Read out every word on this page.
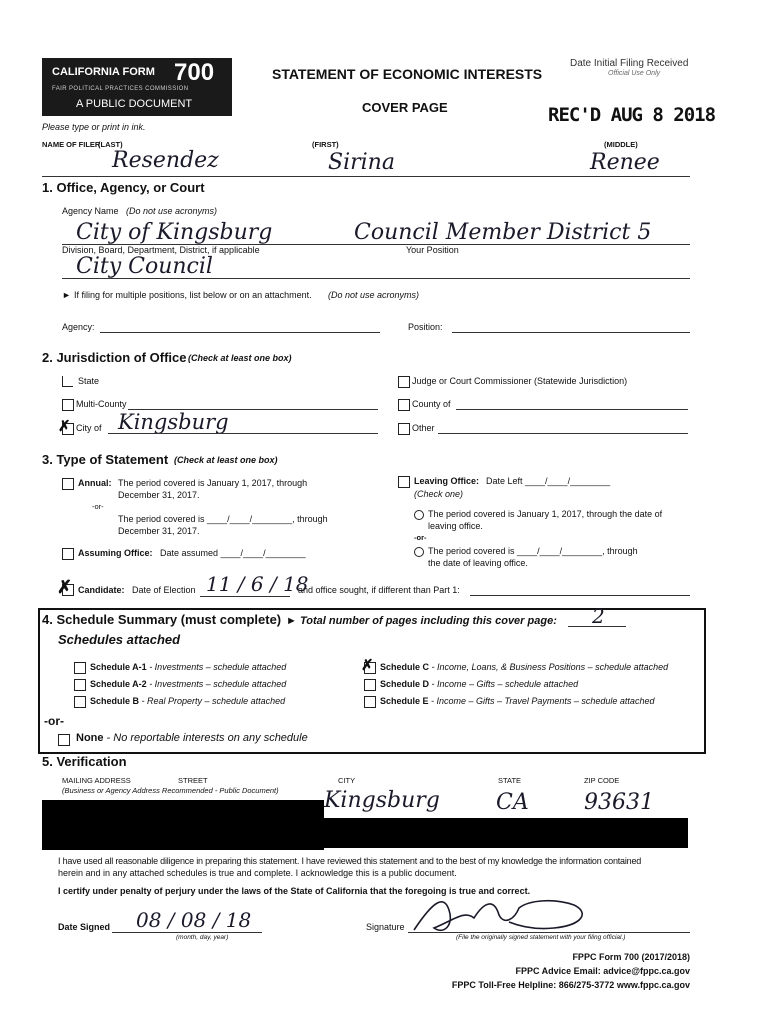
CALIFORNIA FORM 700
FAIR POLITICAL PRACTICES COMMISSION
A PUBLIC DOCUMENT
STATEMENT OF ECONOMIC INTERESTS
COVER PAGE
Date Initial Filing Received
Official Use Only
REC'D AUG 8 2018
Please type or print in ink.
NAME OF FILER
(LAST)	(FIRST)	(MIDDLE)
Resendez	Sirina	Renee
1. Office, Agency, or Court
Agency Name (Do not use acronyms)
City of Kingsburg	Council Member District 5
Division, Board, Department, District, if applicable	Your Position
City Council
► If filing for multiple positions, list below or on an attachment. (Do not use acronyms)
Agency:	Position:
2. Jurisdiction of Office (Check at least one box)
State	Judge or Court Commissioner (Statewide Jurisdiction)
Multi-County	County of
✗ City of Kingsburg	Other
3. Type of Statement (Check at least one box)
Annual: The period covered is January 1, 2017, through
December 31, 2017.
-or-
The period covered is ____/____/________, through
December 31, 2017.
Assuming Office: Date assumed ____/____/________
Leaving Office: Date Left ____/____/________
(Check one)
The period covered is January 1, 2017, through the date of
leaving office.
-or-
The period covered is ____/____/________, through
the date of leaving office.
✗ Candidate: Date of Election 11 / 6 / 18
and office sought, if different than Part 1:
4. Schedule Summary (must complete) ► Total number of pages including this cover page: 2
Schedules attached
Schedule A-1 - Investments – schedule attached
Schedule A-2 - Investments – schedule attached
Schedule B - Real Property – schedule attached
✗ Schedule C - Income, Loans, & Business Positions – schedule attached
Schedule D - Income – Gifts – schedule attached
Schedule E - Income – Gifts – Travel Payments – schedule attached
-or-
None - No reportable interests on any schedule
5. Verification
MAILING ADDRESS	STREET
(Business or Agency Address Recommended - Public Document)
CITY	STATE	ZIP CODE
Kingsburg	CA	93631
I have used all reasonable diligence in preparing this statement. I have reviewed this statement and to the best of my knowledge the information contained
herein and in any attached schedules is true and complete. I acknowledge this is a public document.
I certify under penalty of perjury under the laws of the State of California that the foregoing is true and correct.
Date Signed 08 / 08 / 18
(month, day, year)
Signature
(File the originally signed statement with your filing official.)
FPPC Form 700 (2017/2018)
FPPC Advice Email: advice@fppc.ca.gov
FPPC Toll-Free Helpline: 866/275-3772 www.fppc.ca.gov
